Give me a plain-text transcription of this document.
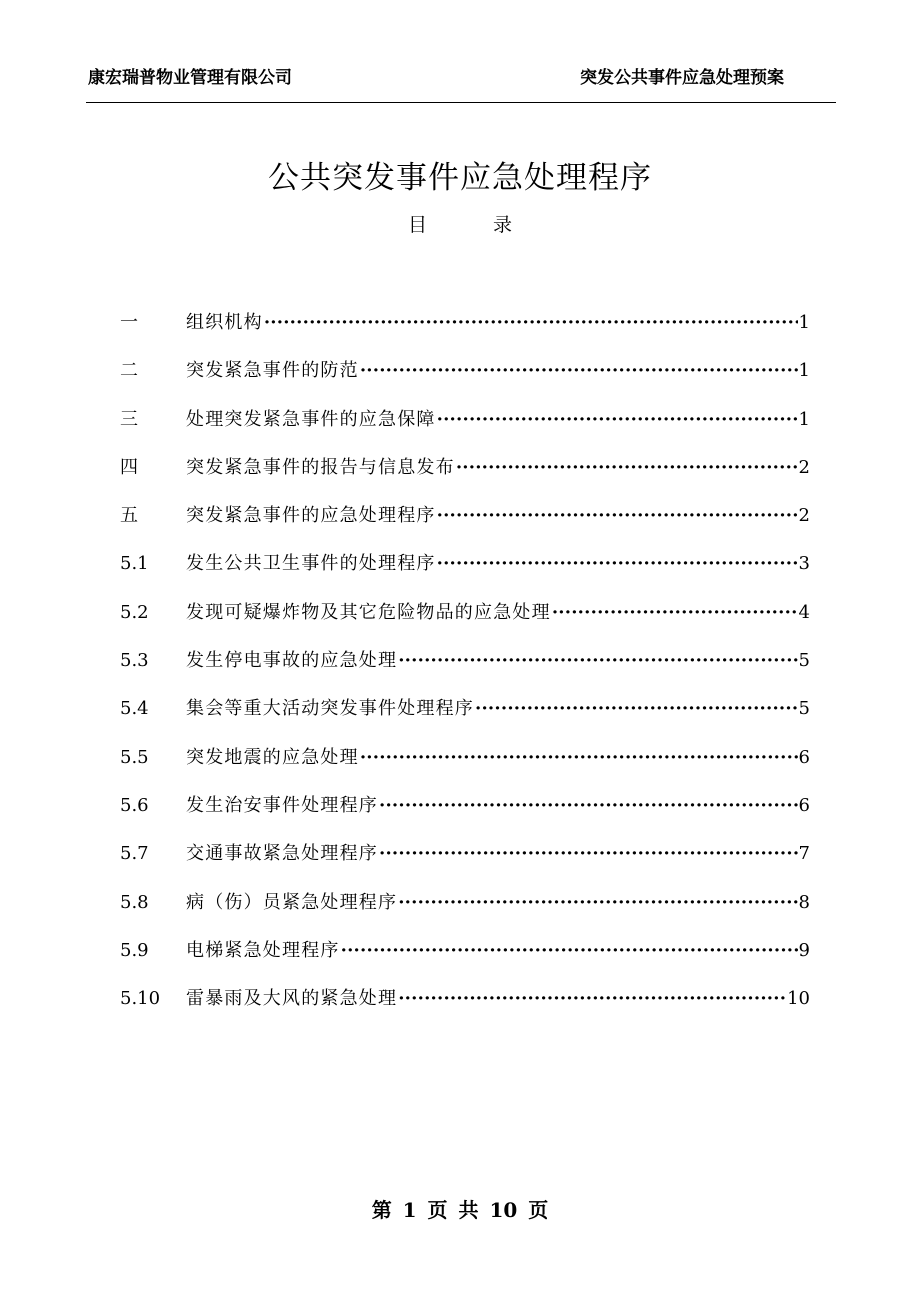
康宏瑞普物业管理有限公司	突发公共事件应急处理预案
公共突发事件应急处理程序
目	录
一	组织机构 ·····	1
二	突发紧急事件的防范 ·····	1
三	处理突发紧急事件的应急保障 ·····	1
四	突发紧急事件的报告与信息发布 ·····	2
五	突发紧急事件的应急处理程序 ·····	2
5.1 发生公共卫生事件的处理程序 ·····	3
5.2 发现可疑爆炸物及其它危险物品的应急处理 ·····	4
5.3 发生停电事故的应急处理 ·····	5
5.4 集会等重大活动突发事件处理程序 ·····	5
5.5 突发地震的应急处理 ·····	6
5.6 发生治安事件处理程序 ·····	6
5.7 交通事故紧急处理程序 ·····	7
5.8 病（伤）员紧急处理程序 ·····	8
5.9 电梯紧急处理程序 ·····	9
5.10 雷暴雨及大风的紧急处理 ·····	10
第 1 页 共 10 页
